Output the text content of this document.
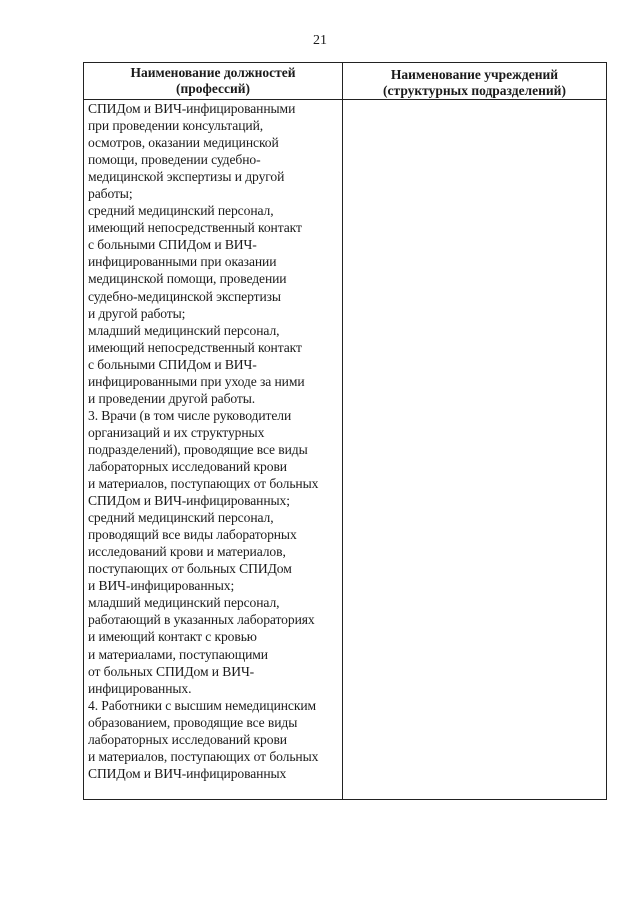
21
Наименование должностей
(профессий)
Наименование учреждений
(структурных подразделений)
СПИДом и ВИЧ-инфицированными
при проведении консультаций,
осмотров, оказании медицинской
помощи, проведении судебно-
медицинской экспертизы и другой
работы;
средний медицинский персонал,
имеющий непосредственный контакт
с больными СПИДом и ВИЧ-
инфицированными при оказании
медицинской помощи, проведении
судебно-медицинской экспертизы
и другой работы;
младший медицинский персонал,
имеющий непосредственный контакт
с больными СПИДом и ВИЧ-
инфицированными при уходе за ними
и проведении другой работы.
3. Врачи (в том числе руководители
организаций и их структурных
подразделений), проводящие все виды
лабораторных исследований крови
и материалов, поступающих от больных
СПИДом и ВИЧ-инфицированных;
средний медицинский персонал,
проводящий все виды лабораторных
исследований крови и материалов,
поступающих от больных СПИДом
и ВИЧ-инфицированных;
младший медицинский персонал,
работающий в указанных лабораториях
и имеющий контакт с кровью
и материалами, поступающими
от больных СПИДом и ВИЧ-
инфицированных.
4. Работники с высшим немедицинским
образованием, проводящие все виды
лабораторных исследований крови
и материалов, поступающих от больных
СПИДом и ВИЧ-инфицированных
